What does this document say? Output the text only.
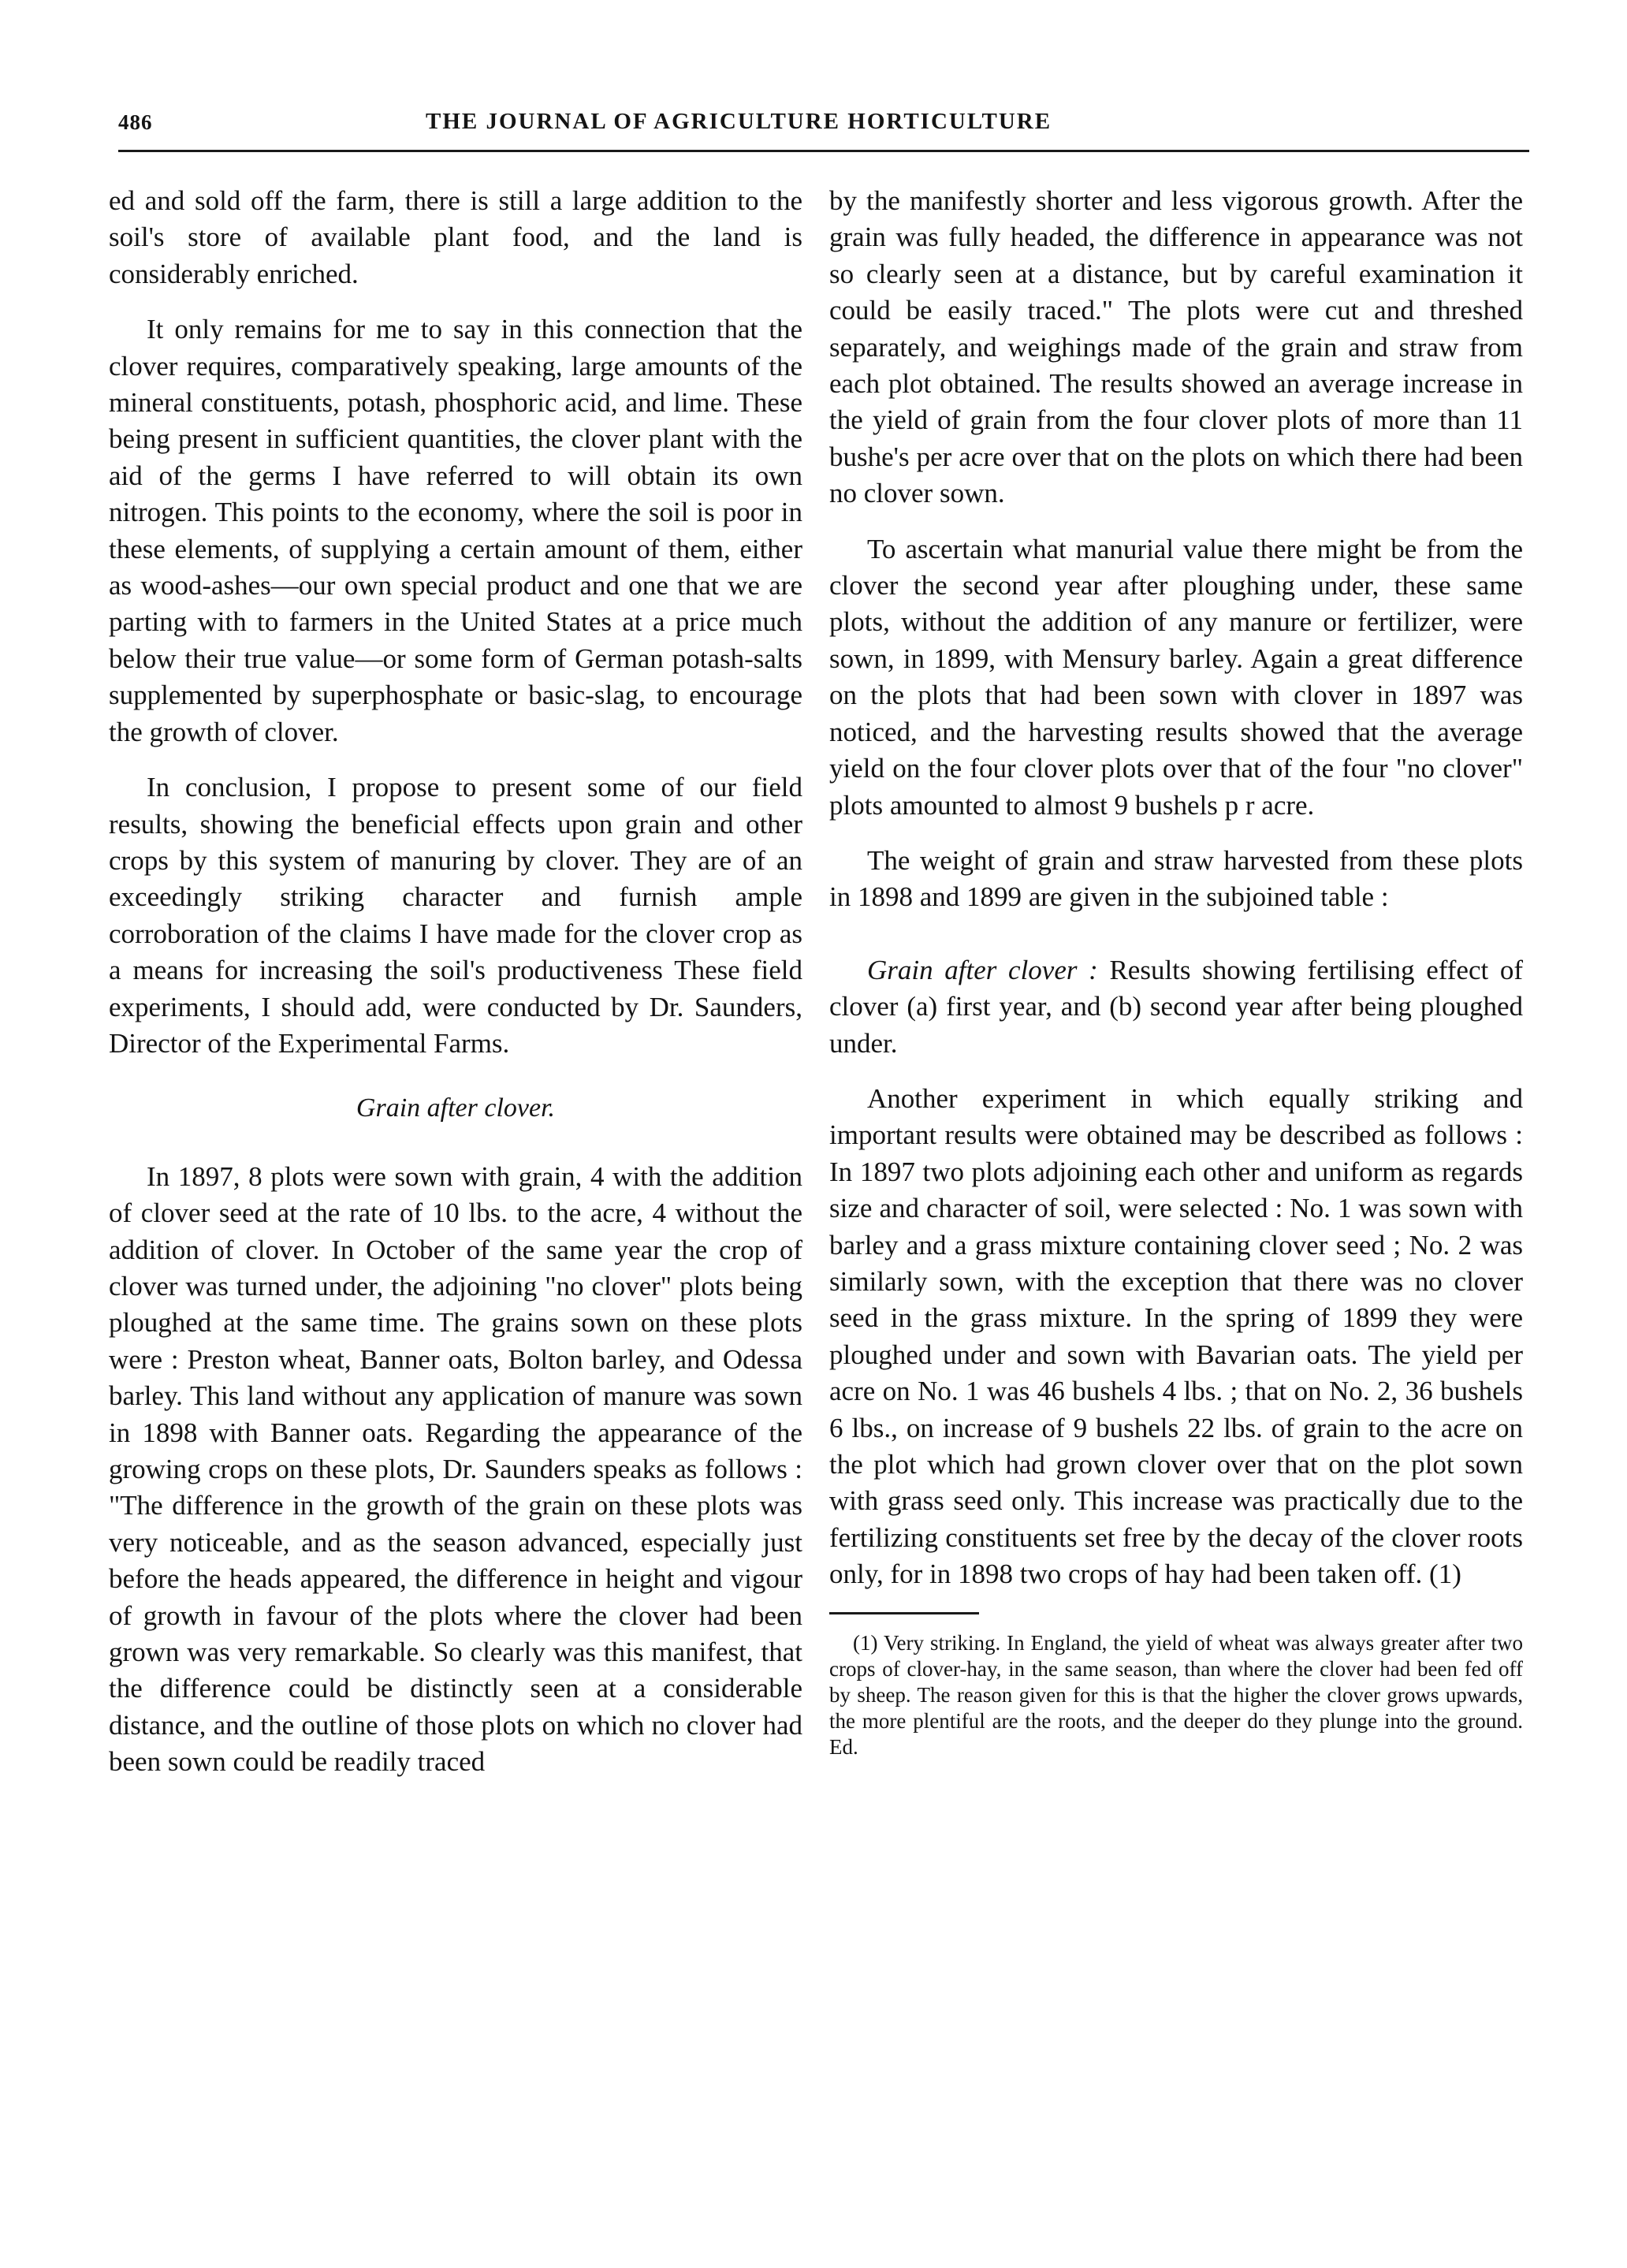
486	THE JOURNAL OF AGRICULTURE HORTICULTURE

ed and sold off the farm, there is still a large addition to the soil's store of available plant food, and the land is considerably enriched.

It only remains for me to say in this connection that the clover requires, comparatively speaking, large amounts of the mineral constituents, potash, phosphoric acid, and lime. These being present in sufficient quantities, the clover plant with the aid of the germs I have referred to will obtain its own nitrogen. This points to the economy, where the soil is poor in these elements, of supplying a certain amount of them, either as wood-ashes—our own special product and one that we are parting with to farmers in the United States at a price much below their true value—or some form of German potash-salts supplemented by superphosphate or basic-slag, to encourage the growth of clover.

In conclusion, I propose to present some of our field results, showing the beneficial effects upon grain and other crops by this system of manuring by clover. They are of an exceedingly striking character and furnish ample corroboration of the claims I have made for the clover crop as a means for increasing the soil's productiveness These field experiments, I should add, were conducted by Dr. Saunders, Director of the Experimental Farms.

Grain after clover.

In 1897, 8 plots were sown with grain, 4 with the addition of clover seed at the rate of 10 lbs. to the acre, 4 without the addition of clover. In October of the same year the crop of clover was turned under, the adjoining "no clover" plots being ploughed at the same time. The grains sown on these plots were : Preston wheat, Banner oats, Bolton barley, and Odessa barley. This land without any application of manure was sown in 1898 with Banner oats. Regarding the appearance of the growing crops on these plots, Dr. Saunders speaks as follows : "The difference in the growth of the grain on these plots was very noticeable, and as the season advanced, especially just before the heads appeared, the difference in height and vigour of growth in favour of the plots where the clover had been grown was very remarkable. So clearly was this manifest, that the difference could be distinctly seen at a considerable distance, and the outline of those plots on which no clover had been sown could be readily traced

by the manifestly shorter and less vigorous growth. After the grain was fully headed, the difference in appearance was not so clearly seen at a distance, but by careful examination it could be easily traced." The plots were cut and threshed separately, and weighings made of the grain and straw from each plot obtained. The results showed an average increase in the yield of grain from the four clover plots of more than 11 bushe's per acre over that on the plots on which there had been no clover sown.

To ascertain what manurial value there might be from the clover the second year after ploughing under, these same plots, without the addition of any manure or fertilizer, were sown, in 1899, with Mensury barley. Again a great difference on the plots that had been sown with clover in 1897 was noticed, and the harvesting results showed that the average yield on the four clover plots over that of the four "no clover" plots amounted to almost 9 bushels p r acre.

The weight of grain and straw harvested from these plots in 1898 and 1899 are given in the subjoined table :

Grain after clover : Results showing fertilising effect of clover (a) first year, and (b) second year after being ploughed under.

Another experiment in which equally striking and important results were obtained may be described as follows : In 1897 two plots adjoining each other and uniform as regards size and character of soil, were selected : No. 1 was sown with barley and a grass mixture containing clover seed ; No. 2 was similarly sown, with the exception that there was no clover seed in the grass mixture. In the spring of 1899 they were ploughed under and sown with Bavarian oats. The yield per acre on No. 1 was 46 bushels 4 lbs. ; that on No. 2, 36 bushels 6 lbs., on increase of 9 bushels 22 lbs. of grain to the acre on the plot which had grown clover over that on the plot sown with grass seed only. This increase was practically due to the fertilizing constituents set free by the decay of the clover roots only, for in 1898 two crops of hay had been taken off. (1)

(1) Very striking. In England, the yield of wheat was always greater after two crops of clover-hay, in the same season, than where the clover had been fed off by sheep. The reason given for this is that the higher the clover grows upwards, the more plentiful are the roots, and the deeper do they plunge into the ground. Ed.
